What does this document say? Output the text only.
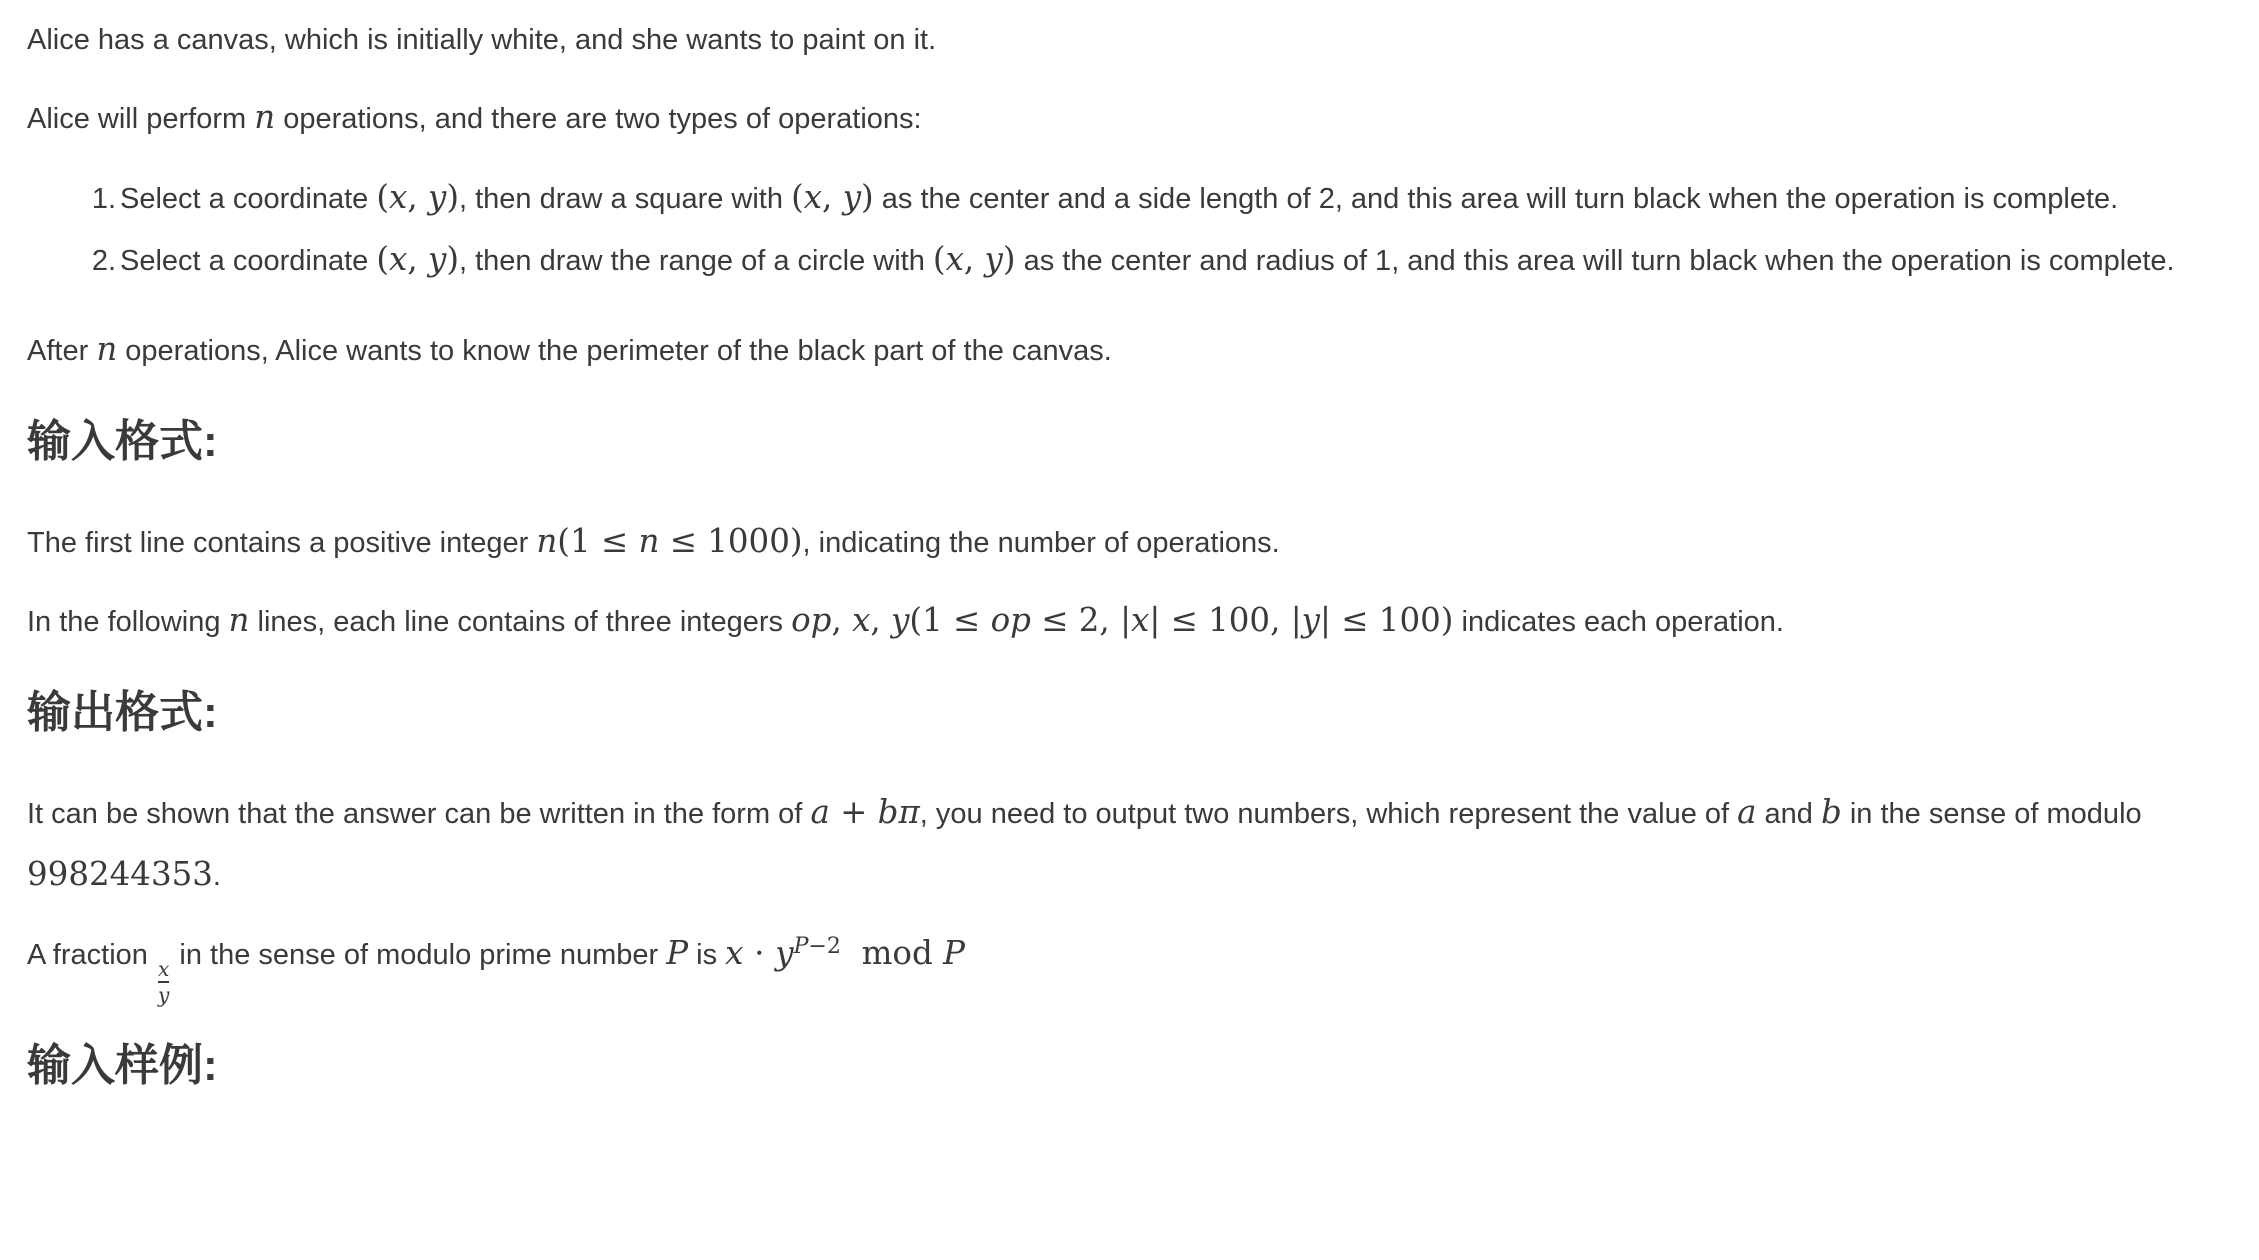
Alice has a canvas, which is initially white, and she wants to paint on it.

Alice will perform n operations, and there are two types of operations:

1. Select a coordinate (x, y), then draw a square with (x, y) as the center and a side length of 2, and this area will turn black when the operation is complete.
2. Select a coordinate (x, y), then draw the range of a circle with (x, y) as the center and radius of 1, and this area will turn black when the operation is complete.

After n operations, Alice wants to know the perimeter of the black part of the canvas.

输入格式:

The first line contains a positive integer n(1 ≤ n ≤ 1000), indicating the number of operations.

In the following n lines, each line contains of three integers op, x, y(1 ≤ op ≤ 2, |x| ≤ 100, |y| ≤ 100) indicates each operation.

输出格式:

It can be shown that the answer can be written in the form of a + bπ, you need to output two numbers, which represent the value of a and b in the sense of modulo 998244353.

A fraction
$\frac{x}{y}$
in the sense of modulo prime number P is $x \cdot y^{P-2}$  mod P

输入样例:
